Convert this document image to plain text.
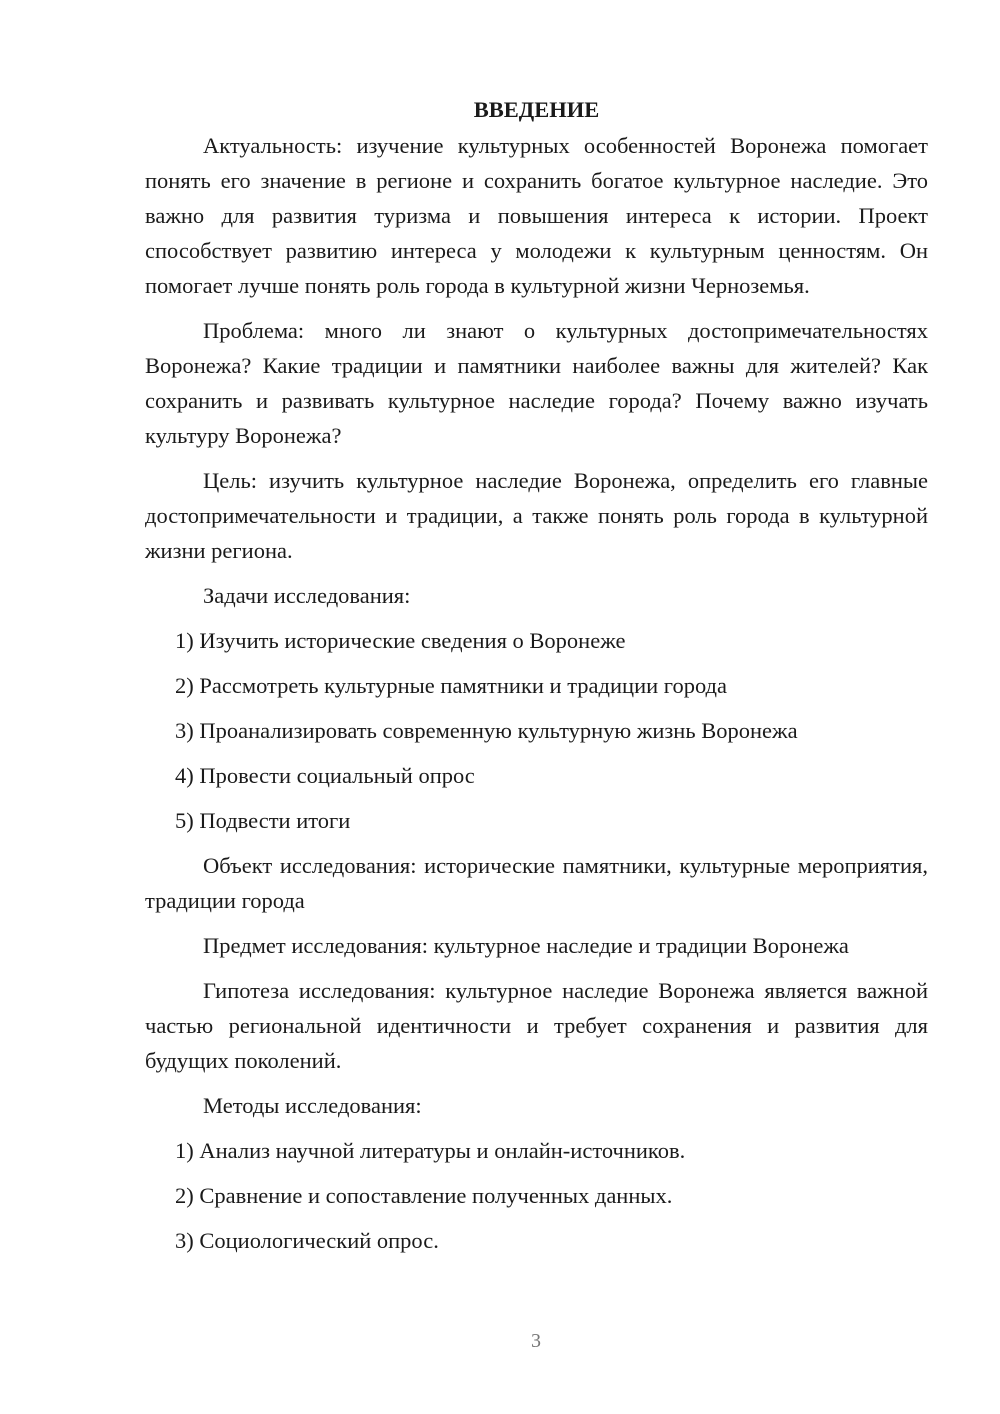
ВВЕДЕНИЕ

Актуальность: изучение культурных особенностей Воронежа помогает понять его значение в регионе и сохранить богатое культурное наследие. Это важно для развития туризма и повышения интереса к истории. Проект способствует развитию интереса у молодежи к культурным ценностям. Он помогает лучше понять роль города в культурной жизни Черноземья.

Проблема: много ли знают о культурных достопримечательностях Воронежа? Какие традиции и памятники наиболее важны для жителей? Как сохранить и развивать культурное наследие города? Почему важно изучать культуру Воронежа?

Цель: изучить культурное наследие Воронежа, определить его главные достопримечательности и традиции, а также понять роль города в культурной жизни региона.

Задачи исследования:

1) Изучить исторические сведения о Воронеже
2) Рассмотреть культурные памятники и традиции города
3) Проанализировать современную культурную жизнь Воронежа
4) Провести социальный опрос
5) Подвести итоги

Объект исследования: исторические памятники, культурные мероприятия, традиции города

Предмет исследования: культурное наследие и традиции Воронежа

Гипотеза исследования: культурное наследие Воронежа является важной частью региональной идентичности и требует сохранения и развития для будущих поколений.

Методы исследования:

1) Анализ научной литературы и онлайн-источников.
2) Сравнение и сопоставление полученных данных.
3) Социологический опрос.
3
